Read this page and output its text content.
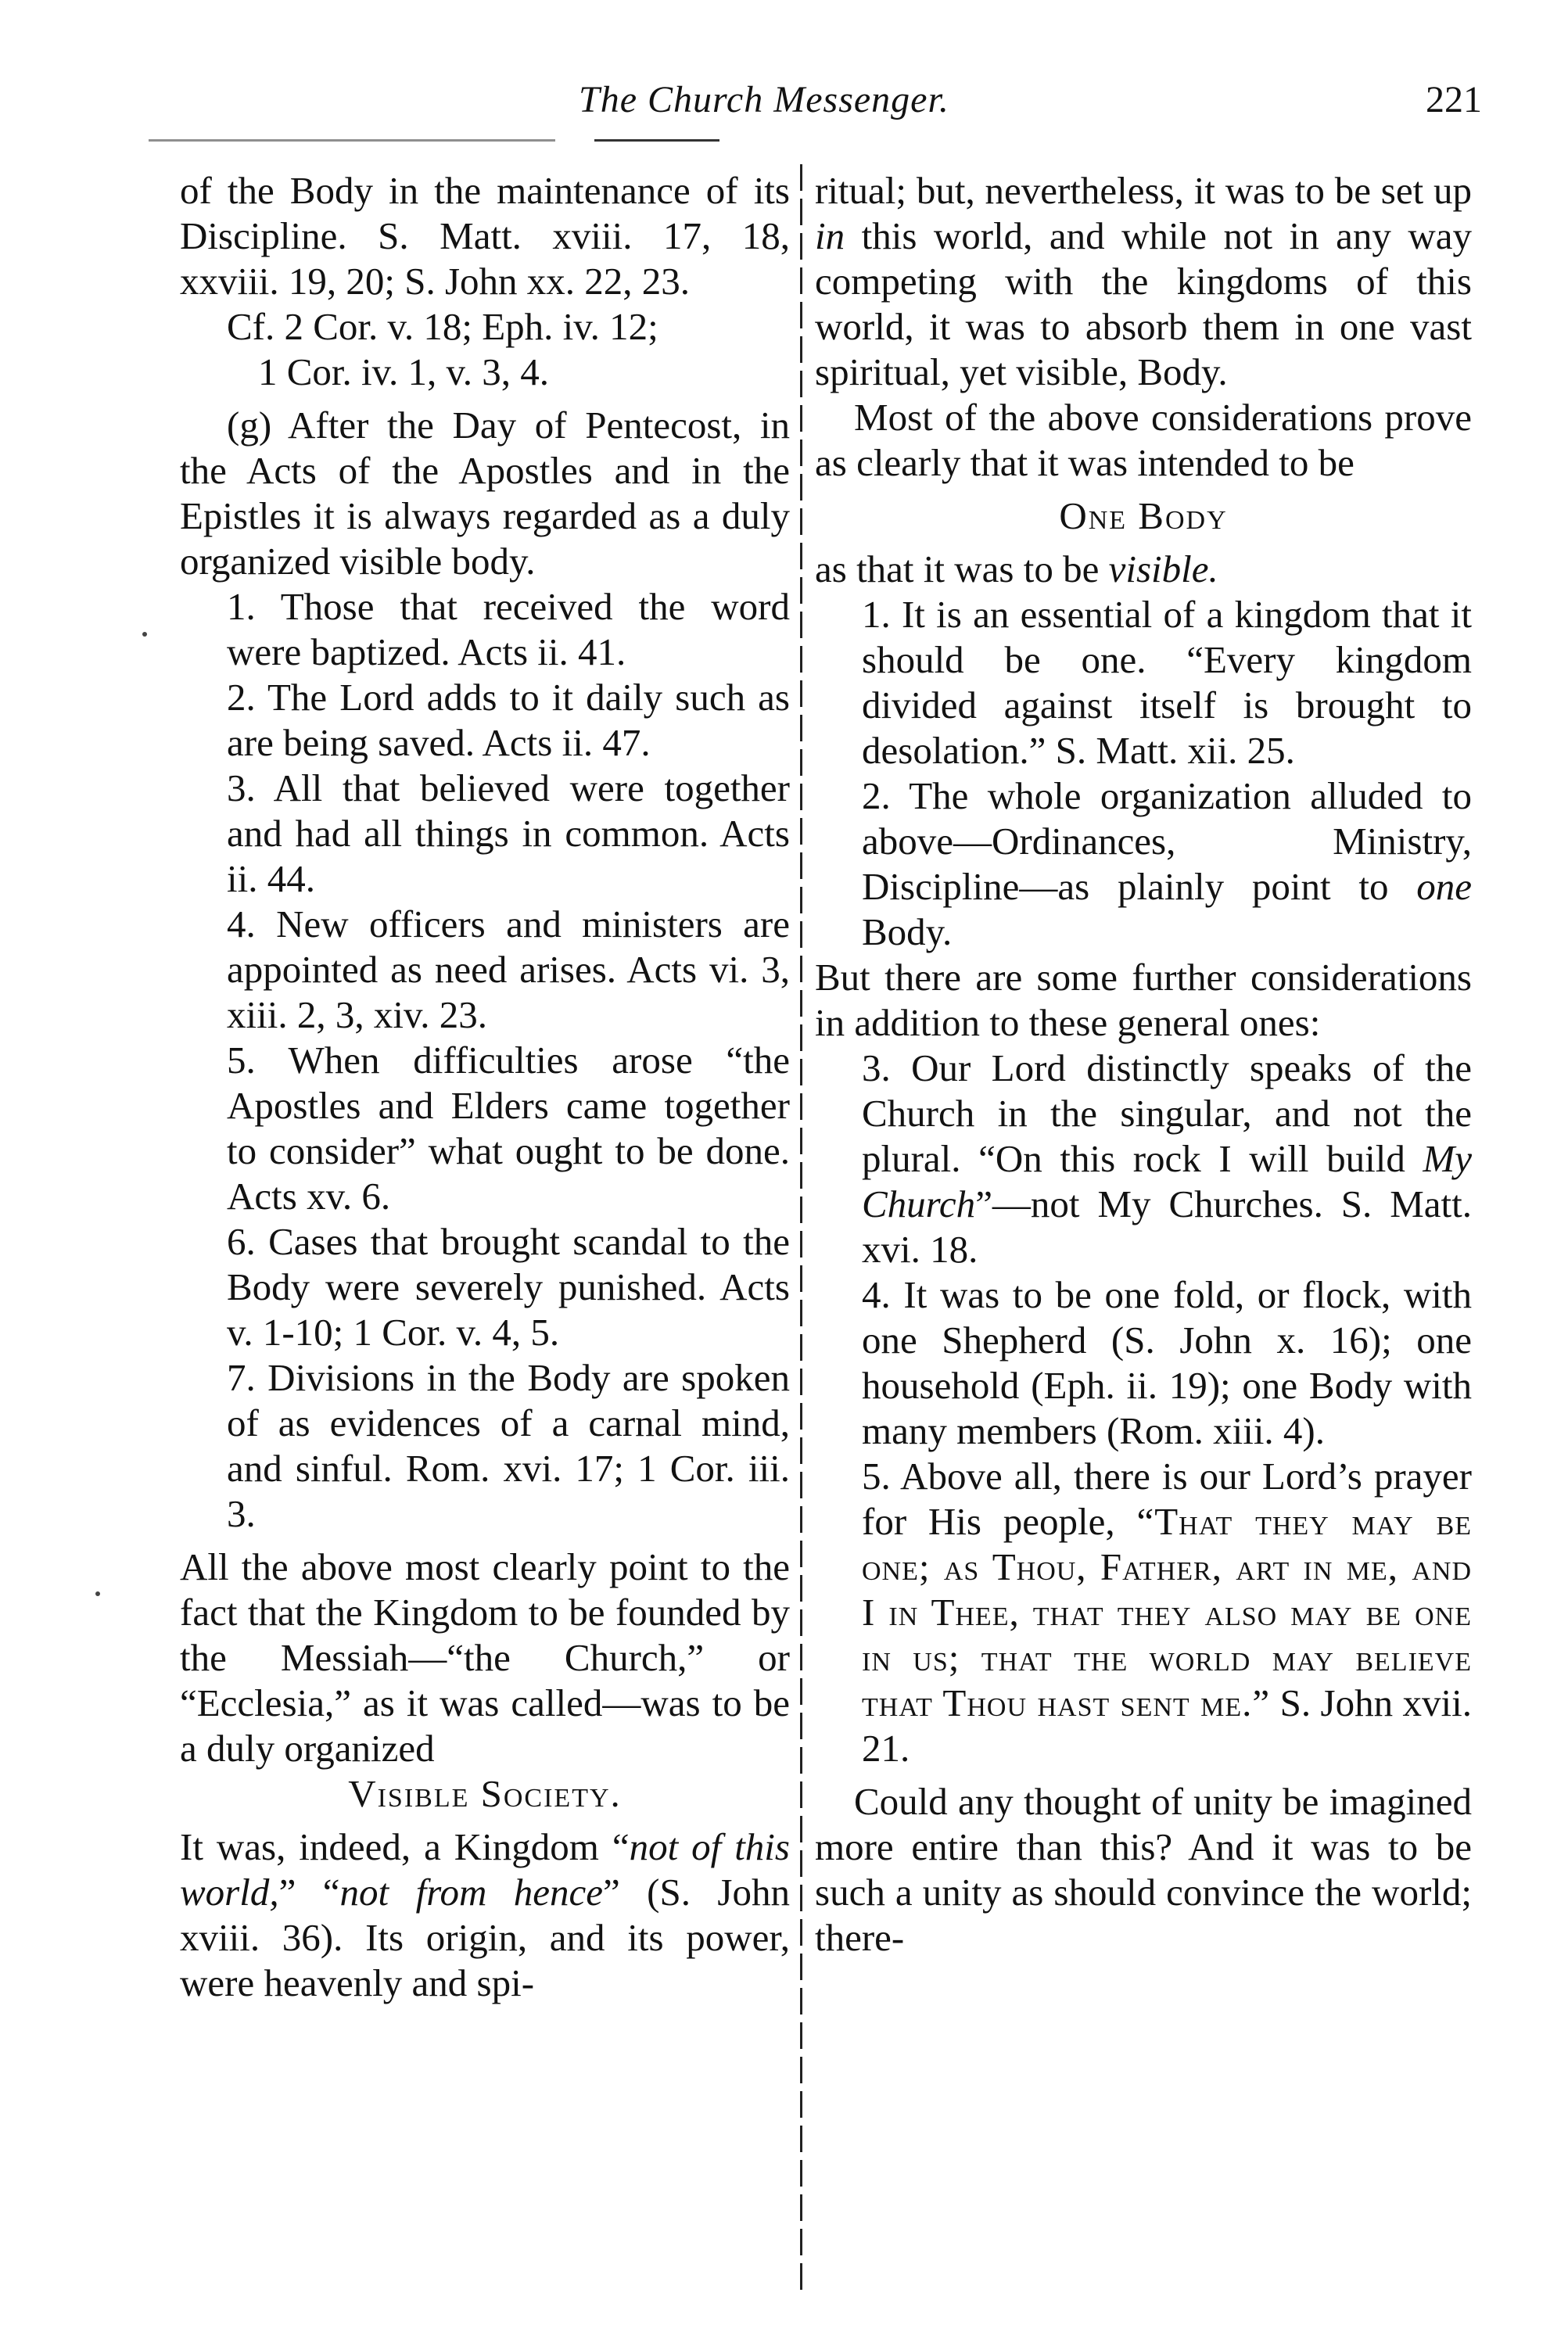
The Church Messenger.	221

of the Body in the maintenance of its Discipline. S. Matt. xviii. 17, 18, xxviii. 19, 20; S. John xx. 22, 23.

Cf. 2 Cor. v. 18; Eph. iv. 12;

1 Cor. iv. 1, v. 3, 4.

(g) After the Day of Pentecost, in the Acts of the Apostles and in the Epistles it is always regarded as a duly organized visible body.

1. Those that received the word were baptized. Acts ii. 41.

2. The Lord adds to it daily such as are being saved. Acts ii. 47.

3. All that believed were together and had all things in common. Acts ii. 44.

4. New officers and ministers are appointed as need arises. Acts vi. 3, xiii. 2, 3, xiv. 23.

5. When difficulties arose “the Apostles and Elders came together to consider” what ought to be done. Acts xv. 6.

6. Cases that brought scandal to the Body were severely punished. Acts v. 1-10; 1 Cor. v. 4, 5.

7. Divisions in the Body are spoken of as evidences of a carnal mind, and sinful. Rom. xvi. 17; 1 Cor. iii. 3.

All the above most clearly point to the fact that the Kingdom to be founded by the Messiah—“the Church,” or “Ecclesia,” as it was called—was to be a duly organized

Visible Society.

It was, indeed, a Kingdom “not of this world,” “not from hence” (S. John xviii. 36). Its origin, and its power, were heavenly and spi-

ritual; but, nevertheless, it was to be set up in this world, and while not in any way competing with the kingdoms of this world, it was to absorb them in one vast spiritual, yet visible, Body.

Most of the above considerations prove as clearly that it was intended to be

One Body

as that it was to be visible.

1. It is an essential of a kingdom that it should be one. “Every kingdom divided against itself is brought to desolation.” S. Matt. xii. 25.

2. The whole organization alluded to above—Ordinances, Ministry, Discipline—as plainly point to one Body.

But there are some further considerations in addition to these general ones:

3. Our Lord distinctly speaks of the Church in the singular, and not the plural. “On this rock I will build My Church”—not My Churches. S. Matt. xvi. 18.

4. It was to be one fold, or flock, with one Shepherd (S. John x. 16); one household (Eph. ii. 19); one Body with many members (Rom. xiii. 4).

5. Above all, there is our Lord’s prayer for His people, “That they may be one; as Thou, Father, art in me, and I in Thee, that they also may be one in us; that the world may believe that Thou hast sent me.” S. John xvii. 21.

Could any thought of unity be imagined more entire than this? And it was to be such a unity as should convince the world; there-
